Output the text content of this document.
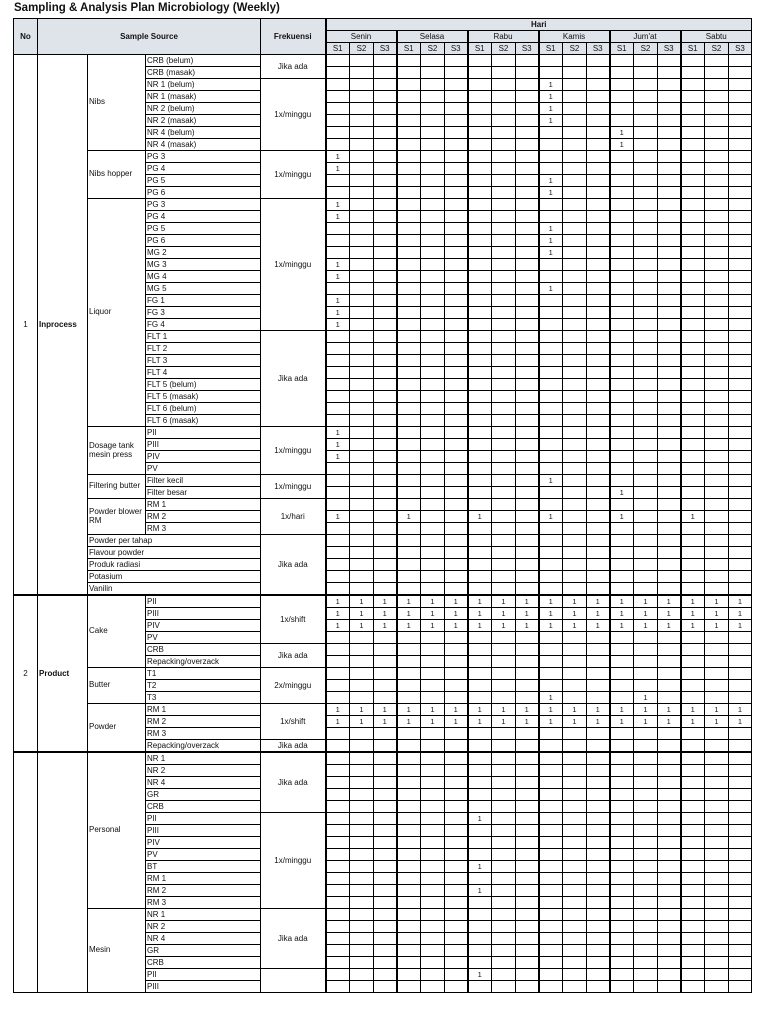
Sampling & Analysis Plan Microbiology (Weekly)
No	Sample Source			Frekuensi	Hari																	
					Senin			Selasa			Rabu			Kamis			Jum'at			Sabtu		
					S1	S2	S3	S1	S2	S3	S1	S2	S3	S1	S2	S3	S1	S2	S3	S1	S2	S3
1	Inprocess	Nibs	CRB (belum)	Jika ada																		
			CRB (masak)																			
			NR 1 (belum)	1x/minggu										1								
			NR 1 (masak)											1								
			NR 2 (belum)											1								
			NR 2 (masak)											1								
			NR 4 (belum)														1					
			NR 4 (masak)														1					
		Nibs hopper	PG 3	1x/minggu	1																	
			PG 4		1																	
			PG 5											1								
			PG 6											1								
		Liquor	PG 3	1x/minggu	1																	
			PG 4		1																	
			PG 5											1								
			PG 6											1								
			MG 2											1								
			MG 3		1																	
			MG 4		1																	
			MG 5											1								
			FG 1		1																	
			FG 3		1																	
			FG 4		1																	
			FLT 1	Jika ada																		
			FLT 2																			
			FLT 3																			
			FLT 4																			
			FLT 5 (belum)																			
			FLT 5 (masak)																			
			FLT 6 (belum)																			
			FLT 6 (masak)																			
		Dosage tank mesin press	PII	1x/minggu	1																	
			PIII		1																	
			PIV		1																	
			PV																			
		Filtering butter	Filter kecil	1x/minggu										1								
			Filter besar														1					
		Powder blower RM	RM 1	1x/hari																		
			RM 2		1			1			1			1			1			1		
			RM 3																			
		Powder per tahap		Jika ada																		
		Flavour powder																				
		Produk radiasi																				
		Potasium																				
		Vanilin																				
2	Product	Cake	PII	1x/shift	1	1	1	1	1	1	1	1	1	1	1	1	1	1	1	1	1	1
			PIII		1	1	1	1	1	1	1	1	1	1	1	1	1	1	1	1	1	1
			PIV		1	1	1	1	1	1	1	1	1	1	1	1	1	1	1	1	1	1
			PV																			
			CRB	Jika ada																		
			Repacking/overzack																			
		Butter	T1	2x/minggu																		
			T2																			
			T3											1				1				
		Powder	RM 1	1x/shift	1	1	1	1	1	1	1	1	1	1	1	1	1	1	1	1	1	1
			RM 2		1	1	1	1	1	1	1	1	1	1	1	1	1	1	1	1	1	1
			RM 3																			
			Repacking/overzack	Jika ada																		
		Personal	NR 1	Jika ada																		
			NR 2																			
			NR 4																			
			GR																			
			CRB																			
			PII	1x/minggu							1											
			PIII																			
			PIV																			
			PV																			
			BT								1											
			RM 1																			
			RM 2								1											
			RM 3																			
		Mesin	NR 1	Jika ada																		
			NR 2																			
			NR 4																			
			GR																			
			CRB																			
			PII								1											
			PIII																			
